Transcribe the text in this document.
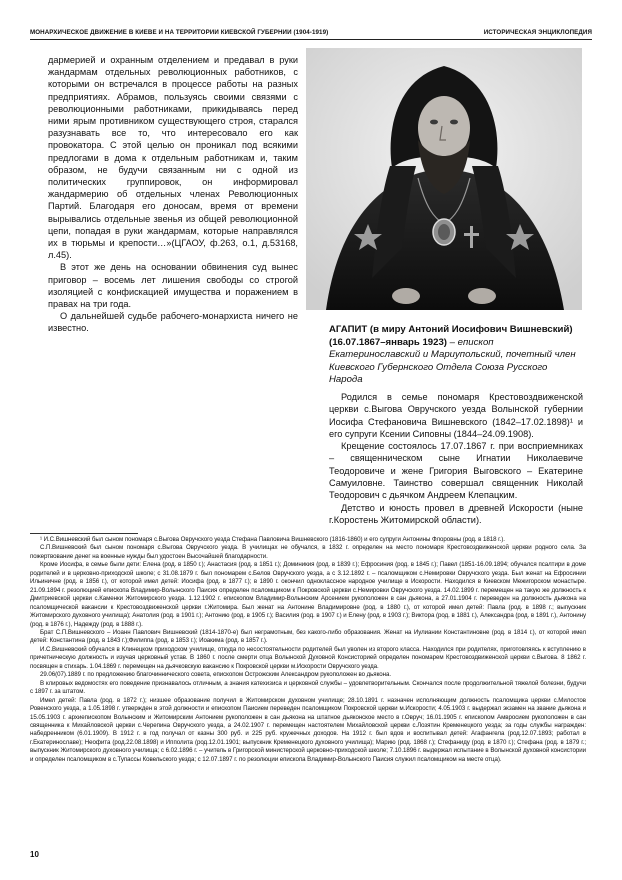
МОНАРХИЧЕСКОЕ ДВИЖЕНИЕ В КИЕВЕ И НА ТЕРРИТОРИИ КИЕВСКОЙ ГУБЕРНИИ (1904-1919)	ИСТОРИЧЕСКАЯ ЭНЦИКЛОПЕДИЯ

дармерией и охранным отделением и предавал в руки жандармам отдельных революционных работников, с которыми он встречался в процессе работы на разных предприятиях. Абрамов, пользуясь своими связями с революционными работниками, прикидываясь перед ними ярым противником существующего строя, старался разузнавать все то, что интересовало его как провокатора. С этой целью он проникал под всякими предлогами в дома к отдельным работникам и, таким образом, не будучи связанным ни с одной из политических группировок, он информировал жандармерию об отдельных членах Революционных Партий. Благодаря его доносам, время от времени вырывались отдельные звенья из общей революционной цепи, попадая в руки жандармам, которые направлялся их в тюрьмы и крепости…»(ЦГАОУ, ф.263, о.1, д.53168, л.45).

В этот же день на основании обвинения суд вынес приговор – восемь лет лишения свободы со строгой изоляцией с конфискацией имущества и поражением в правах на три года.

О дальнейшей судьбе рабочего-монархиста ничего не известно.	АГАПИТ (в миру Антоний Иосифович Вишневский) (16.07.1867–январь 1923) – епископ Екатеринославский и Мариупольский, почетный член Киевского Губернского Отдела Союза Русского Народа

Родился в семье пономаря Крестовоздвиженской церкви с.Выгова Овручского уезда Волынской губернии Иосифа Стефановича Вишневского (1842–17.02.1898)¹ и его супруги Ксении Сиповны (1844–24.09.1908).

Крещение состоялось 17.07.1867 г. при восприемниках – священническом сыне Игнатии Николаевиче Теодоровиче и жене Григория Выговского – Екатерине Самуиловне. Таинство совершал священник Николай Теодорович с дьячком Андреем Клепацким.

Детство и юность провел в древней Искорости (ныне г.Коростень Житомирской области).

¹ И.С.Вишневский был сыном пономаря с.Выгова Овручского уезда Стефана Павловича Вишневского (1816-1860) и его супруги Антонины Флоровны (род. в 1818 г.).

С.П.Вишневский был сыном пономаря с.Выгова Овручского уезда. В училищах не обучался, в 1832 г. определен на место пономаря Крестовоздвиженской церкви родного села. За пожертвование денег на военные нужды был удостоен Высочайшей благодарности.

Кроме Иосифа, в семье были дети: Елена (род. в 1850 г.); Анастасия (род. в 1851 г.); Доминикия (род. в 1839 г.); Ефросиния (род. в 1845 г.); Павел (1851-16.09.1894; обучался псалтири в доме родителей и в церковно-приходской школе; с 31.08.1879 г. был пономарем с.Белов Овручского уезда, а с 3.12.1892 г. – псаломщиком с.Немировки Овручского уезда. Был женат на Ефросинии Ильиничне (род. в 1856 г.), от которой имел детей: Иосифа (род. в 1877 г.); в 1890 г. окончил одноклассное народное училище в Искорости. Находился в Киевском Межигорском монастыре. 21.09.1894 г. резолюцией епископа Владимир-Волынского Паисия определен псаломщиком к Покровской церкви с.Немировки Овручского уезда. 14.02.1899 г. перемещен на такую же должность к Дмитриевской церкви с.Каменки Житомирского уезда. 1.12.1902 г. епископом Владимир-Волынским Арсением рукоположен в сан дьякона, а 27.01.1904 г. переведен на должность дьякона на псаломщической вакансии к Крестовоздвиженской церкви г.Житомира. Был женат на Антонине Владимировне (род. в 1880 г.), от которой имел детей: Павла (род. в 1898 г.; выпускник Житомирского духовного училища); Анатолия (род. в 1901 г.); Антонию (род. в 1905 г.); Василия (род. в 1907 г.) и Елену (род. в 1903 г.); Виктора (род. в 1881 г.), Александра (род. в 1891 г.), Антонину (род. в 1876 г.), Надежду (род. в 1888 г.).

Брат С.П.Вишневского – Иоанн Павлович Вишневский (1814-1870-е) был неграмотным, без какого-либо образования. Женат на Иулиании Константиновне (род. в 1814 г.), от которой имел детей: Константина (род. в 1843 г.);Филиппа (род. в 1853 г.); Иоакима (род. в 1857 г.).

И.С.Вишневский обучался в Клинецком приходском училище, откуда по несостоятельности родителей был уволен из второго класса. Находился при родителях, приготовляясь к вступлению в причетническую должность и изучая церковный устав. В 1860 г. после смерти отца Волынской Духовной Консисторией определен пономарем Крестовоздвиженской церкви с.Выгова. 8 1862 г. посвящен в стихарь. 1.04.1869 г. перемещен на дьячковскую вакансию к Покровской церкви м.Искорости Овручского уезда.

29.06(07).1889 г. по предложению благочиннического совета, епископом Острожским Александром рукоположен во дьякона.

В клировых ведомостях его поведение признавалось отличным, а знания катехизиса и церковной службы – удовлетворительным. Скончался после продолжительной тяжелой болезни, будучи с 1897 г. за штатом.

Имел детей: Павла (род. в 1872 г.); низшее образование получил в Житомирском духовном училище; 28.10.1891 г. назначен исполняющим должность псаломщика церкви с.Милостов Ровенского уезда, а 1.05.1898 г. утвержден в этой должности и епископом Паисием переведен псаломщиком Покровской церкви м.Искорости; 4.05.1903 г. выдержал экзамен на звание дьякона и 15.05.1903 г. архиепископом Волынским и Житомирским Антонием рукоположен в сан дьякона на штатное дьяконское место в г.Овруч; 16.01.1905 г. епископом Амвросием рукоположен в сан священника к Михайловской церкви с.Черепина Овручского уезда, а 24.02.1907 г. перемещен настоятелем Михайловской церкви с.Лозятин Кременецкого уезда; за годы службы награжден: набедренником (6.01.1909). В 1912 г. в год получал от казны 300 руб. и 225 руб. кружечных доходов. На 1912 г. был вдов и воспитывал детей: Агафангела (род.12.07.1893; работал в г.Екатеринославе); Неофита (род.22.08.1898) и Ипполита (род.12.01.1901; выпускник Кременецкого духовного училища); Марию (род. 1868 г.); Стефаниду (род. в 1870 г.); Стефана (род. в 1879 г.; выпускник Житомирского духовного училища; с 6.02.1896 г. – учитель в Григорской министерской церковно-приходской школе; 7.10.1896 г. выдержал испытание в Волынской духовной консистории и определен псаломщиком в с.Тупассы Ковельского уезда; с 12.07.1897 г. по резолюции епископа Владимир-Волынского Паисия служил псаломщиком на месте отца).

10
